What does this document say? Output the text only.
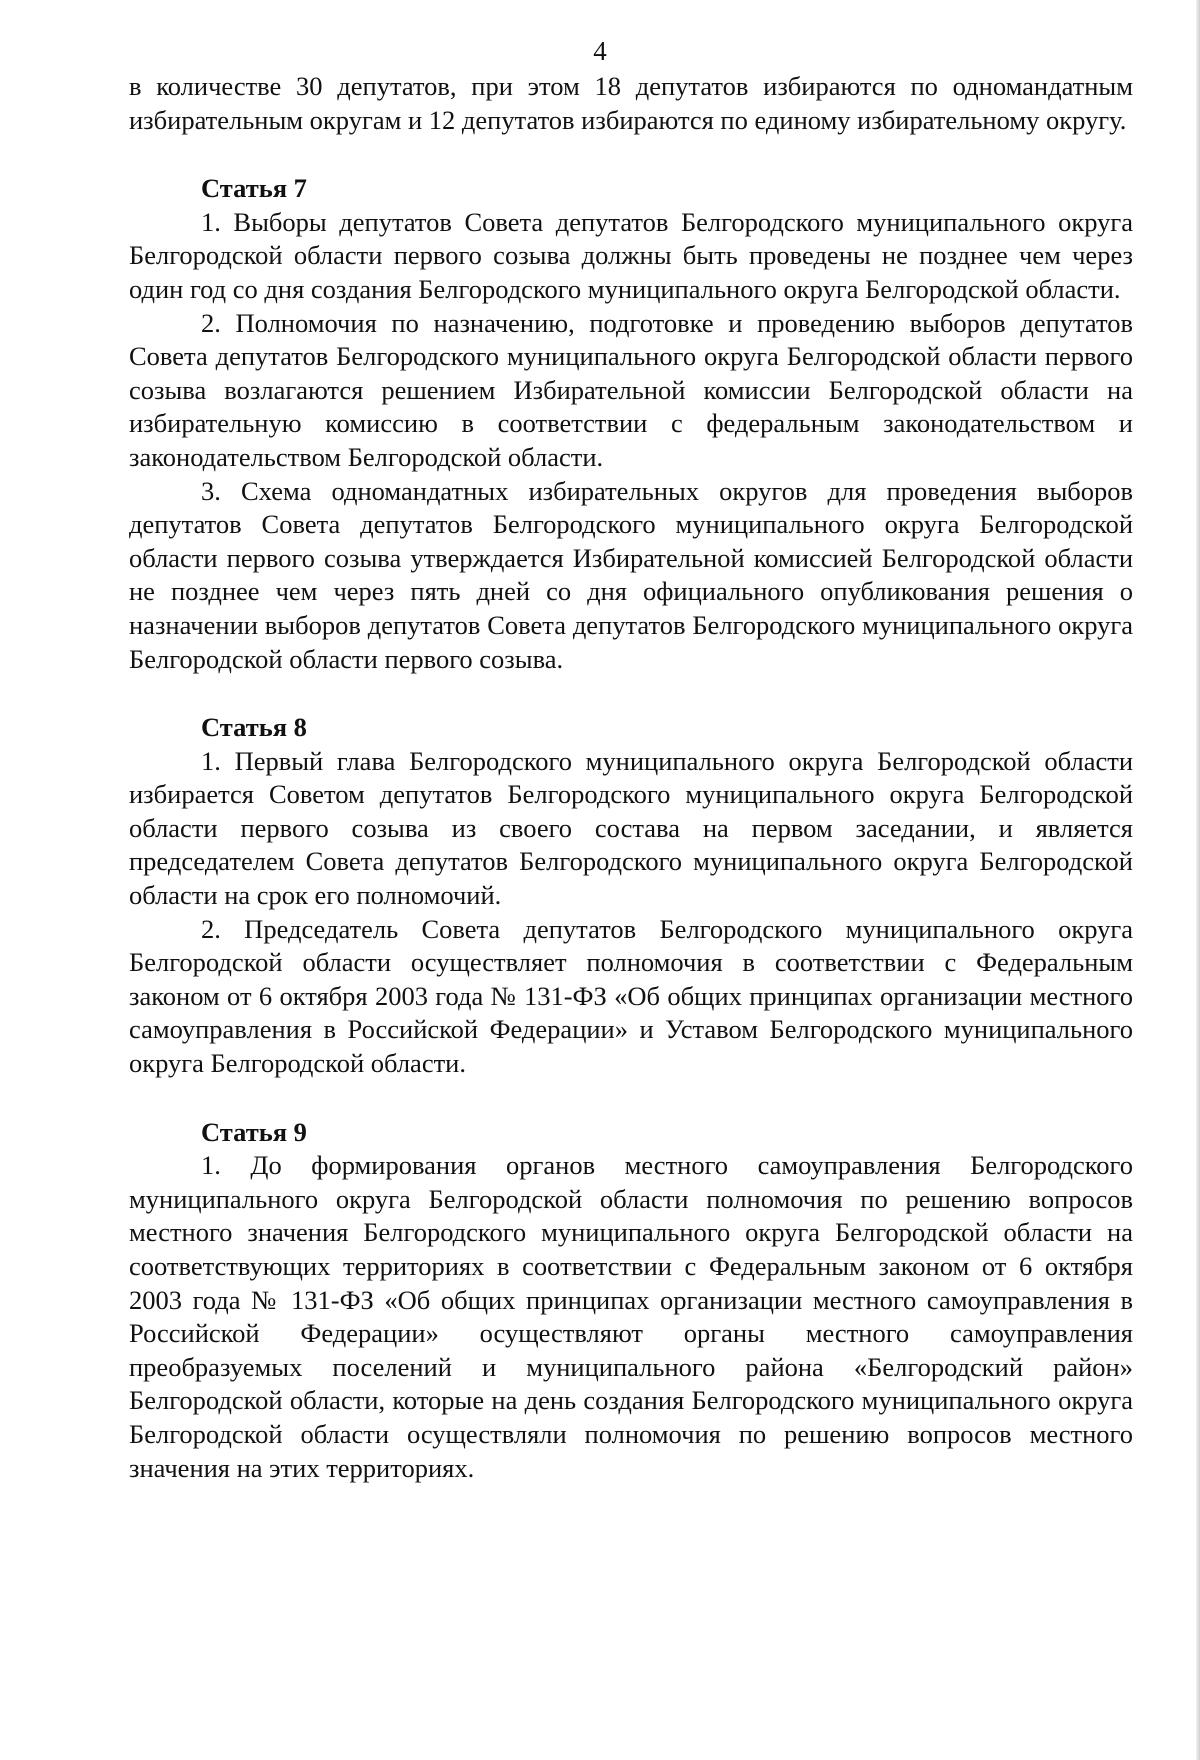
4

в количестве 30 депутатов, при этом 18 депутатов избираются по одномандатным избирательным округам и 12 депутатов избираются по единому избирательному округу.

Статья 7

1. Выборы депутатов Совета депутатов Белгородского муниципального округа Белгородской области первого созыва должны быть проведены не позднее чем через один год со дня создания Белгородского муниципального округа Белгородской области.

2. Полномочия по назначению, подготовке и проведению выборов депутатов Совета депутатов Белгородского муниципального округа Белгородской области первого созыва возлагаются решением Избирательной комиссии Белгородской области на избирательную комиссию в соответствии с федеральным законодательством и законодательством Белгородской области.

3. Схема одномандатных избирательных округов для проведения выборов депутатов Совета депутатов Белгородского муниципального округа Белгородской области первого созыва утверждается Избирательной комиссией Белгородской области не позднее чем через пять дней со дня официального опубликования решения о назначении выборов депутатов Совета депутатов Белгородского муниципального округа Белгородской области первого созыва.

Статья 8

1. Первый глава Белгородского муниципального округа Белгородской области избирается Советом депутатов Белгородского муниципального округа Белгородской области первого созыва из своего состава на первом заседании, и является председателем Совета депутатов Белгородского муниципального округа Белгородской области на срок его полномочий.

2. Председатель Совета депутатов Белгородского муниципального округа Белгородской области осуществляет полномочия в соответствии с Федеральным законом от 6 октября 2003 года № 131-ФЗ «Об общих принципах организации местного самоуправления в Российской Федерации» и Уставом Белгородского муниципального округа Белгородской области.

Статья 9

1. До формирования органов местного самоуправления Белгородского муниципального округа Белгородской области полномочия по решению вопросов местного значения Белгородского муниципального округа Белгородской области на соответствующих территориях в соответствии с Федеральным законом от 6 октября 2003 года № 131-ФЗ «Об общих принципах организации местного самоуправления в Российской Федерации» осуществляют органы местного самоуправления преобразуемых поселений и муниципального района «Белгородский район» Белгородской области, которые на день создания Белгородского муниципального округа Белгородской области осуществляли полномочия по решению вопросов местного значения на этих территориях.
